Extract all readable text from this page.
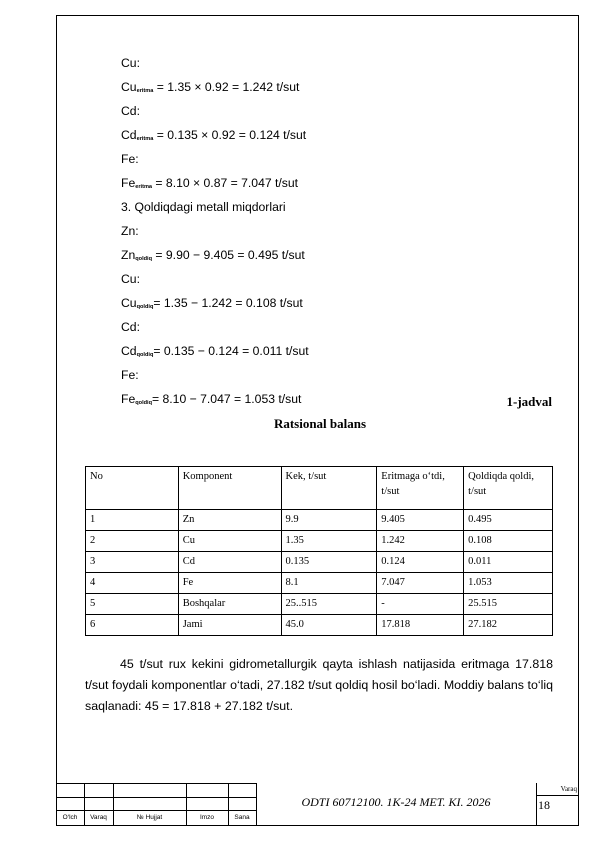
Cu:
$Cu_{eritma} = 1.35 \times 0.92 = 1.242$ t/sut
Cd:
$Cd_{eritma} = 0.135 \times 0.92 = 0.124$ t/sut
Fe:
$Fe_{eritma} = 8.10 \times 0.87 = 7.047$ t/sut
3. Qoldiqdagi metall miqdorlari
Zn:
$Zn_{qoldiq} = 9.90 - 9.405 = 0.495$ t/sut
Cu:
$Cu_{qoldiq}= 1.35 - 1.242 = 0.108$ t/sut
Cd:
$Cd_{qoldiq}= 0.135 - 0.124 = 0.011$ t/sut
Fe:
$Fe_{qoldiq}= 8.10 - 7.047 = 1.053$ t/sut	1-jadval
Ratsional balans
No	Komponent	Kek, t/sut	Eritmaga o‘tdi, t/sut	Qoldiqda qoldi, t/sut
1	Zn	9.9	9.405	0.495
2	Cu	1.35	1.242	0.108
3	Cd	0.135	0.124	0.011
4	Fe	8.1	7.047	1.053
5	Boshqalar	25..515	-	25.515
6	Jami	45.0	17.818	27.182
45 t/sut rux kekini gidrometallurgik qayta ishlash natijasida eritmaga 17.818 t/sut foydali komponentlar o‘tadi, 27.182 t/sut qoldiq hosil bo‘ladi. Moddiy balans to‘liq saqlanadi: 45 = 17.818 + 27.182 t/sut.
O‘lch	Varaq	№ Hujjat	Imzo	Sana
ODTI 60712100. 1K-24 MET. KI. 2026
Varaq
18
